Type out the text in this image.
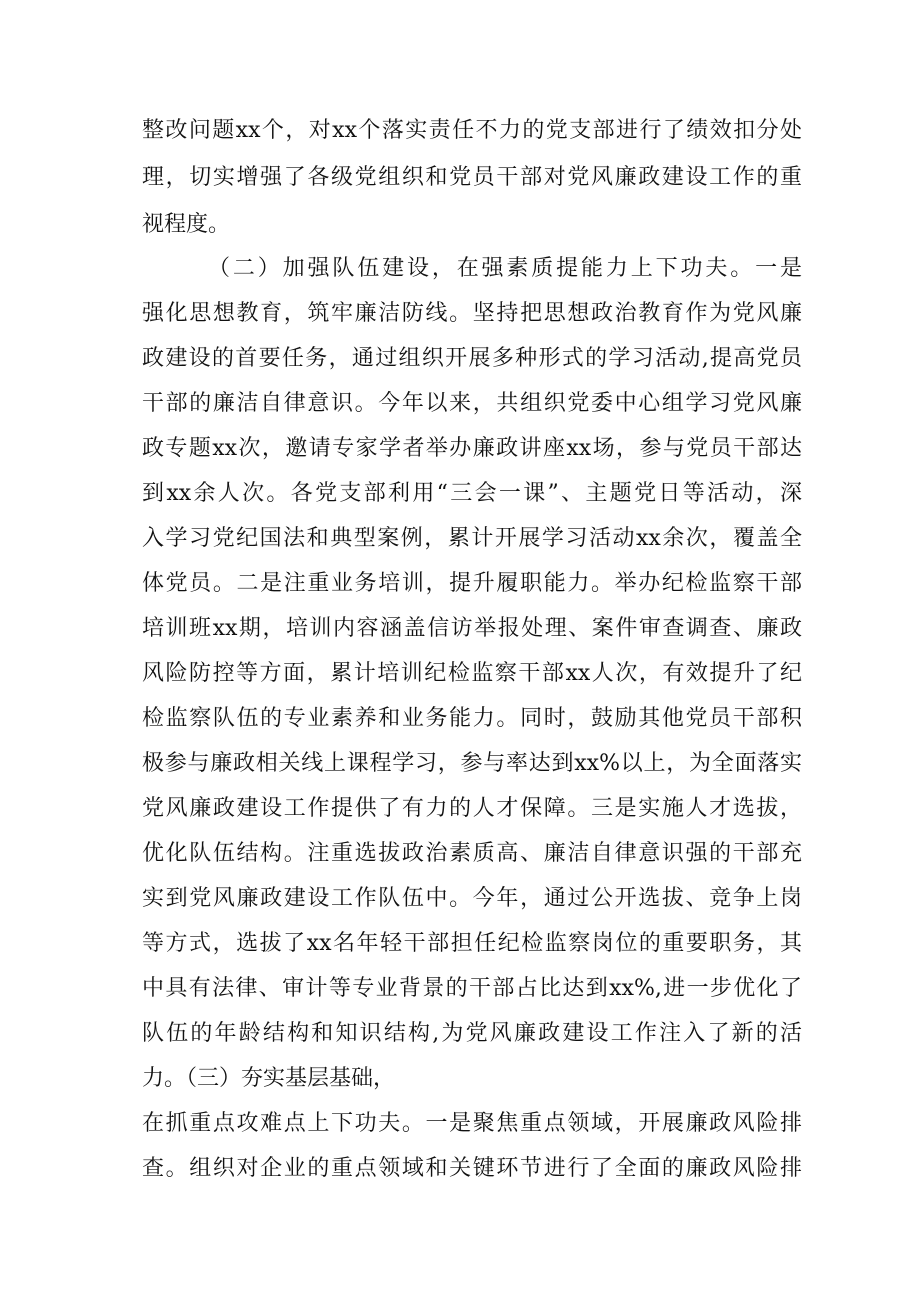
整改问题xx个，对xx个落实责任不力的党支部进行了绩效扣分处
理，切实增强了各级党组织和党员干部对党风廉政建设工作的重
视程度。
（二）加强队伍建设，在强素质提能力上下功夫。一是
强化思想教育，筑牢廉洁防线。坚持把思想政治教育作为党风廉
政建设的首要任务，通过组织开展多种形式的学习活动,提高党员
干部的廉洁自律意识。今年以来，共组织党委中心组学习党风廉
政专题xx次，邀请专家学者举办廉政讲座xx场，参与党员干部达
到xx余人次。各党支部利用“三会一课”、主题党日等活动，深
入学习党纪国法和典型案例，累计开展学习活动xx余次，覆盖全
体党员。二是注重业务培训，提升履职能力。举办纪检监察干部
培训班xx期，培训内容涵盖信访举报处理、案件审查调查、廉政
风险防控等方面，累计培训纪检监察干部xx人次，有效提升了纪
检监察队伍的专业素养和业务能力。同时，鼓励其他党员干部积
极参与廉政相关线上课程学习，参与率达到xx%以上，为全面落实
党风廉政建设工作提供了有力的人才保障。三是实施人才选拔，
优化队伍结构。注重选拔政治素质高、廉洁自律意识强的干部充
实到党风廉政建设工作队伍中。今年，通过公开选拔、竞争上岗
等方式，选拔了xx名年轻干部担任纪检监察岗位的重要职务，其
中具有法律、审计等专业背景的干部占比达到xx%,进一步优化了
队伍的年龄结构和知识结构,为党风廉政建设工作注入了新的活
力。（三）夯实基层基础，
在抓重点攻难点上下功夫。一是聚焦重点领域，开展廉政风险排
查。组织对企业的重点领域和关键环节进行了全面的廉政风险排
